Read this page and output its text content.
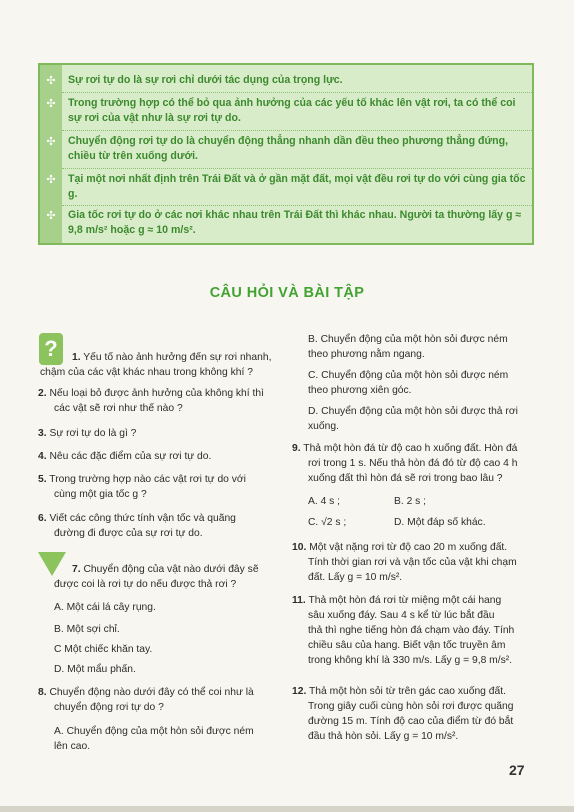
✣ Sự rơi tự do là sự rơi chỉ dưới tác dụng của trọng lực.
✣ Trong trường hợp có thể bỏ qua ảnh hưởng của các yếu tố khác lên vật rơi, ta có thể coi sự rơi của vật như là sự rơi tự do.
✣ Chuyển động rơi tự do là chuyển động thẳng nhanh dần đều theo phương thẳng đứng, chiều từ trên xuống dưới.
✣ Tại một nơi nhất định trên Trái Đất và ở gần mặt đất, mọi vật đều rơi tự do với cùng gia tốc g.
✣ Gia tốc rơi tự do ở các nơi khác nhau trên Trái Đất thì khác nhau. Người ta thường lấy g ≈ 9,8 m/s² hoặc g ≈ 10 m/s².
CÂU HỎI VÀ BÀI TẬP
?	1. Yếu tố nào ảnh hưởng đến sự rơi nhanh,
chậm của các vật khác nhau trong không khí ?
2. Nếu loại bỏ được ảnh hưởng của không khí thì
các vật sẽ rơi như thế nào ?
3. Sự rơi tự do là gì ?
4. Nêu các đặc điểm của sự rơi tự do.
5. Trong trường hợp nào các vật rơi tự do với
cùng một gia tốc g ?
6. Viết các công thức tính vận tốc và quãng
đường đi được của sự rơi tự do.
7. Chuyển động của vật nào dưới đây sẽ
được coi là rơi tự do nếu được thả rơi ?
A. Một cái lá cây rụng.
B. Một sợi chỉ.
C Một chiếc khăn tay.
D. Một mẩu phấn.
8. Chuyển động nào dưới đây có thể coi như là
chuyển động rơi tự do ?
A. Chuyển động của một hòn sỏi được ném
lên cao.
B. Chuyển động của một hòn sỏi được ném
theo phương nằm ngang.
C. Chuyển động của một hòn sỏi được ném
theo phương xiên góc.
D. Chuyển động của một hòn sỏi được thả rơi
xuống.
9. Thả một hòn đá từ độ cao h xuống đất. Hòn đá
rơi trong 1 s. Nếu thả hòn đá đó từ độ cao 4 h
xuống đất thì hòn đá sẽ rơi trong bao lâu ?
A. 4 s ;	B. 2 s ;
C. √2 s ;	D. Một đáp số khác.
10. Một vật nặng rơi từ độ cao 20 m xuống đất.
Tính thời gian rơi và vận tốc của vật khi chạm
đất. Lấy g = 10 m/s².
11. Thả một hòn đá rơi từ miệng một cái hang
sâu xuống đáy. Sau 4 s kể từ lúc bắt đầu
thả thì nghe tiếng hòn đá chạm vào đáy. Tính
chiều sâu của hang. Biết vận tốc truyền âm
trong không khí là 330 m/s. Lấy g = 9,8 m/s².
12. Thả một hòn sỏi từ trên gác cao xuống đất.
Trong giây cuối cùng hòn sỏi rơi được quãng
đường 15 m. Tính độ cao của điểm từ đó bắt
đầu thả hòn sỏi. Lấy g = 10 m/s².
27
